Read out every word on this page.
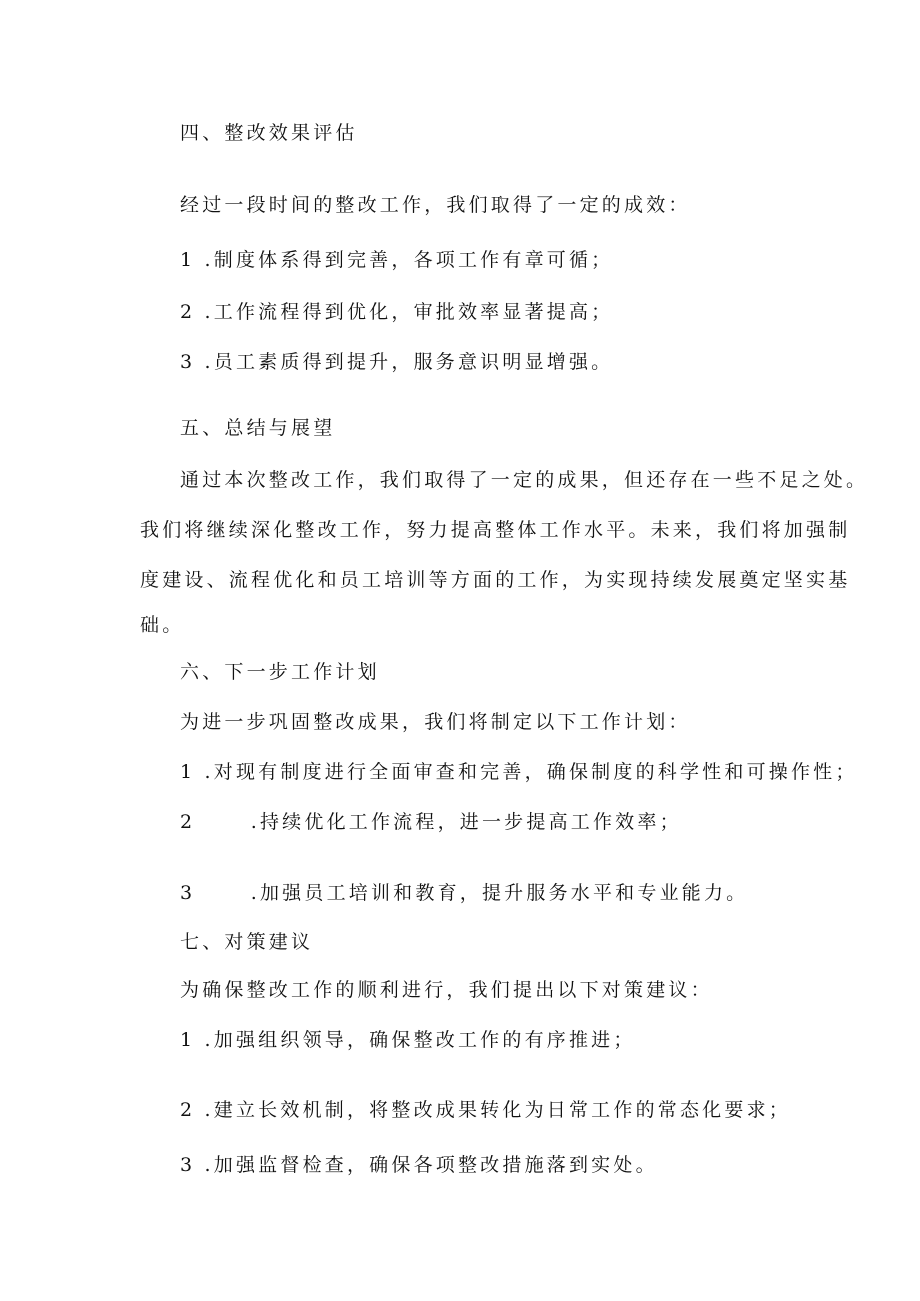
四、整改效果评估
经过一段时间的整改工作，我们取得了一定的成效：
1 .制度体系得到完善，各项工作有章可循；
2 .工作流程得到优化，审批效率显著提高；
3 .员工素质得到提升，服务意识明显增强。
五、总结与展望
通过本次整改工作，我们取得了一定的成果，但还存在一些不足之处。
我们将继续深化整改工作，努力提高整体工作水平。未来，我们将加强制
度建设、流程优化和员工培训等方面的工作，为实现持续发展奠定坚实基
础。
六、下一步工作计划
为进一步巩固整改成果，我们将制定以下工作计划：
1 .对现有制度进行全面审查和完善，确保制度的科学性和可操作性；
2      .持续优化工作流程，进一步提高工作效率；
3      .加强员工培训和教育，提升服务水平和专业能力。
七、对策建议
为确保整改工作的顺利进行，我们提出以下对策建议：
1 .加强组织领导，确保整改工作的有序推进；
2 .建立长效机制，将整改成果转化为日常工作的常态化要求；
3 .加强监督检查，确保各项整改措施落到实处。
